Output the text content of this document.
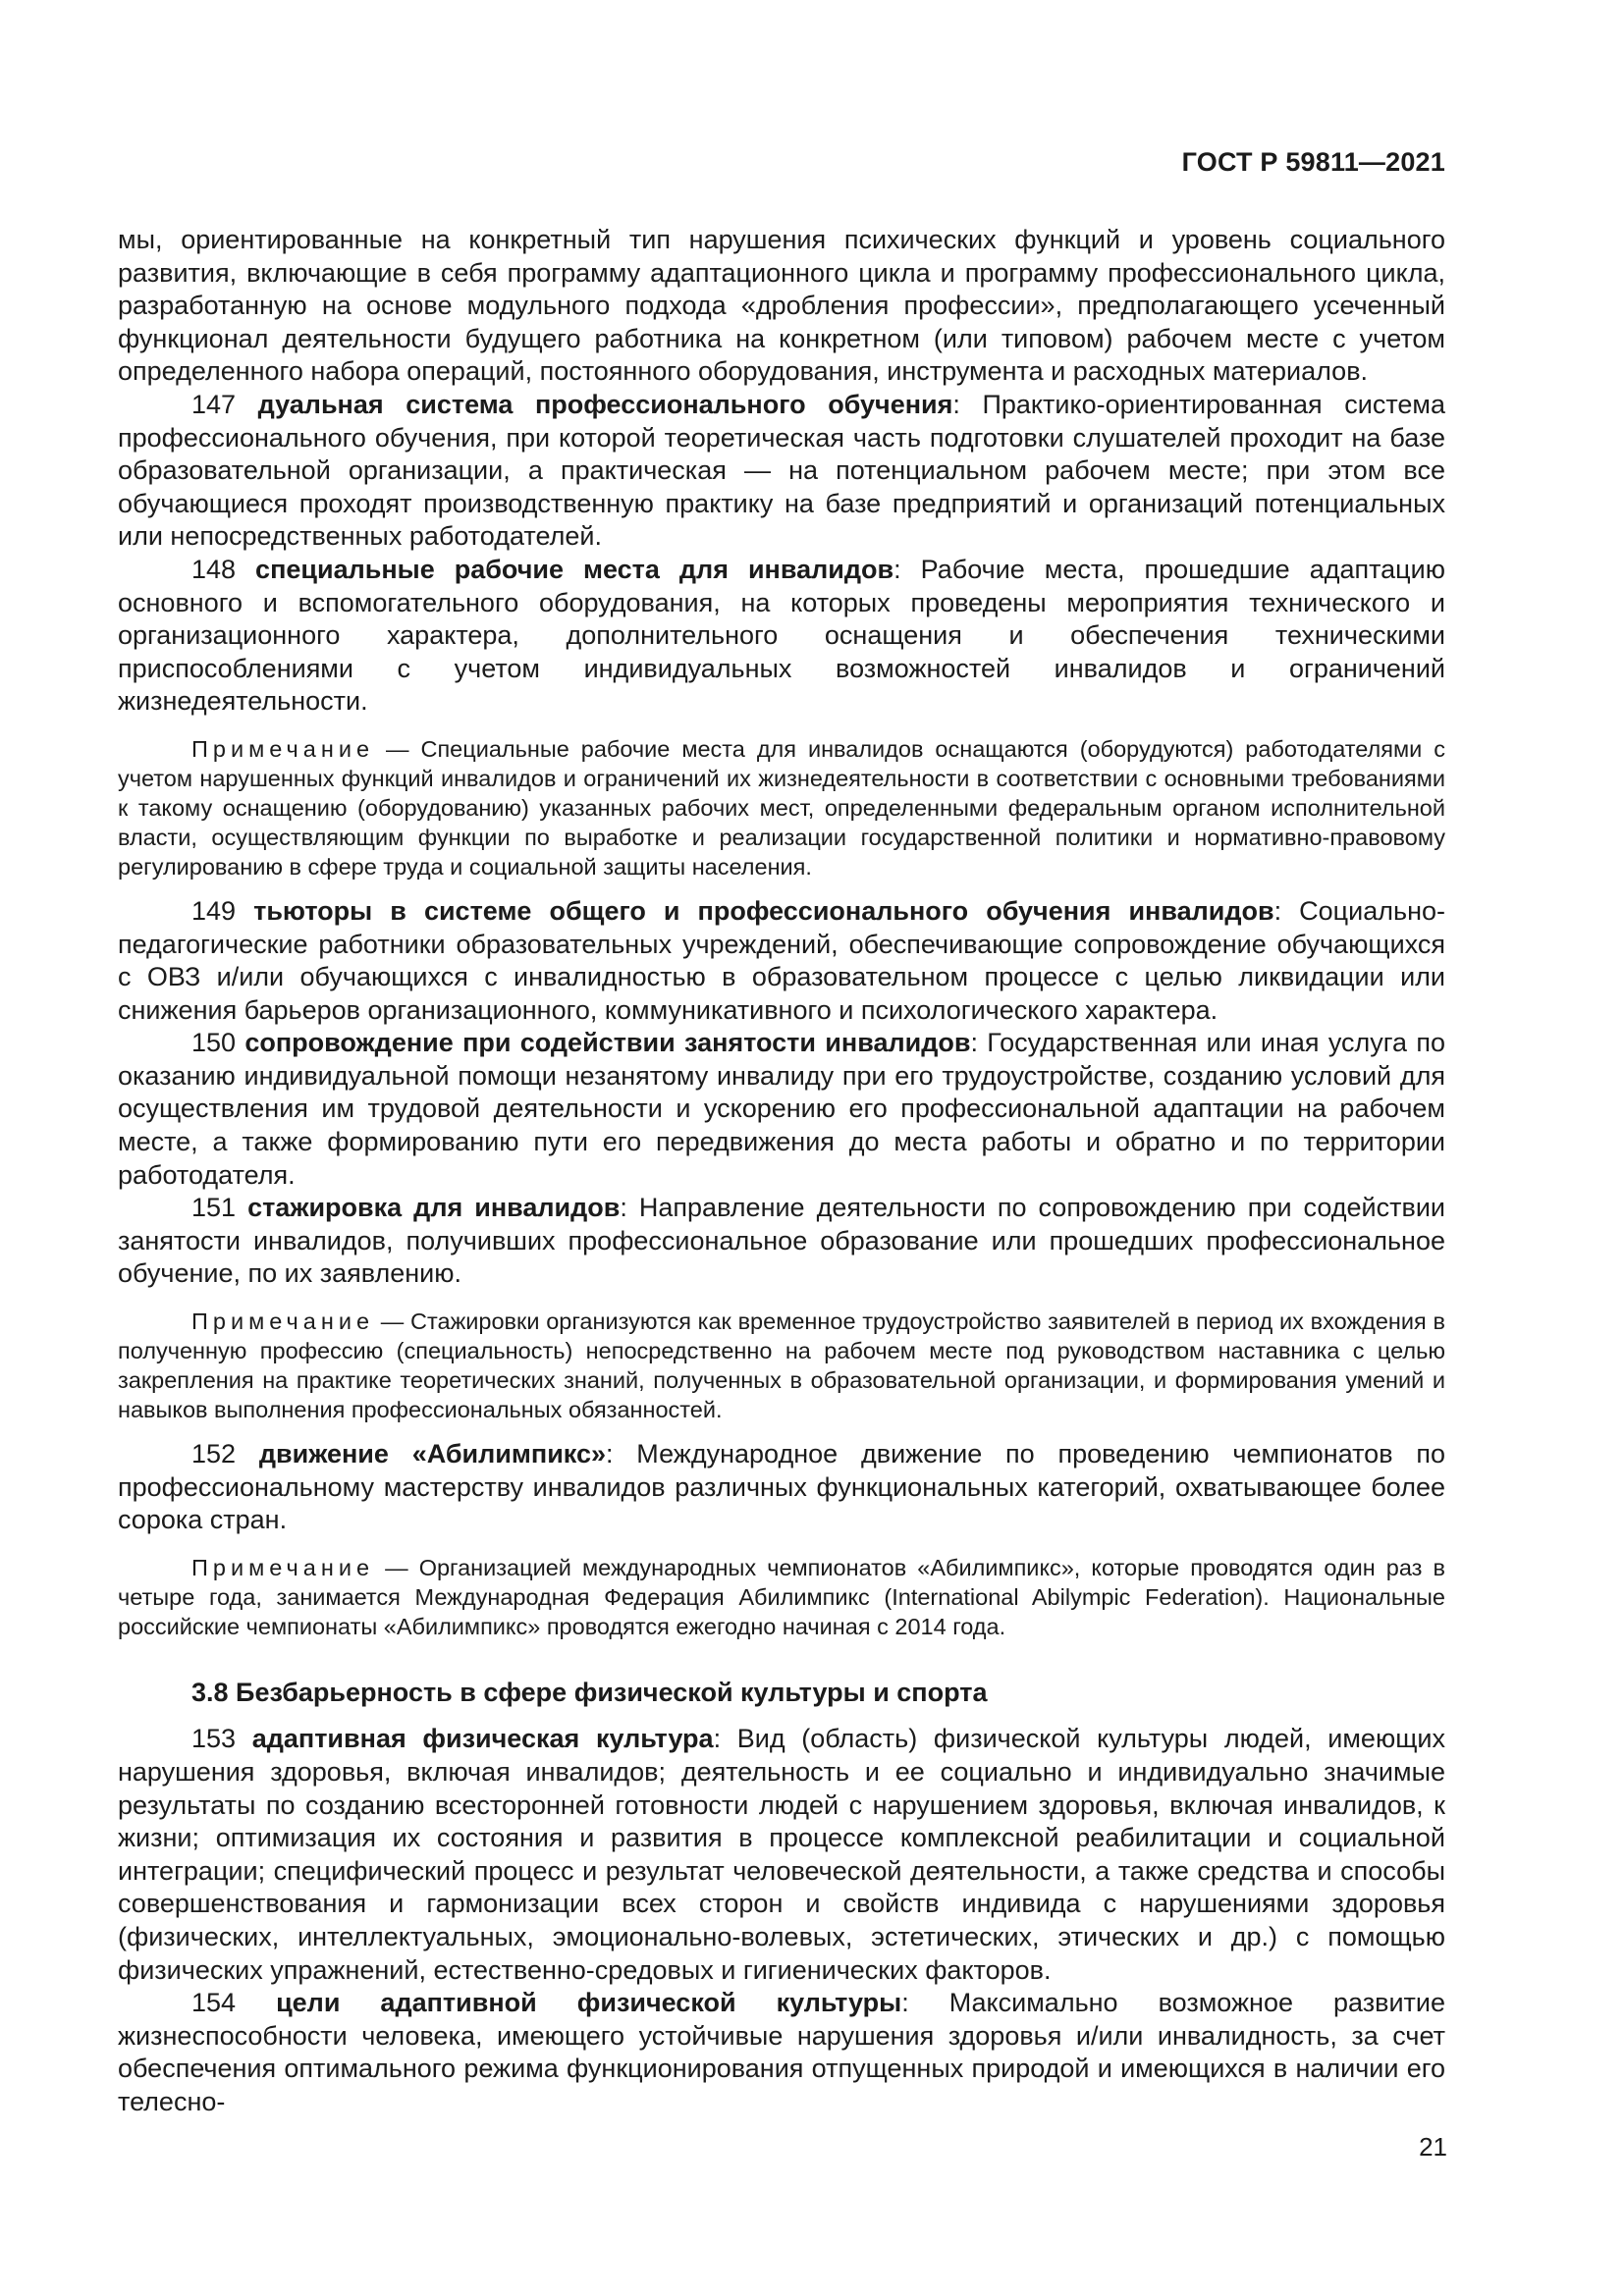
ГОСТ Р 59811—2021

мы, ориентированные на конкретный тип нарушения психических функций и уровень социального развития, включающие в себя программу адаптационного цикла и программу профессионального цикла, разработанную на основе модульного подхода «дробления профессии», предполагающего усеченный функционал деятельности будущего работника на конкретном (или типовом) рабочем месте с учетом определенного набора операций, постоянного оборудования, инструмента и расходных материалов.

147 дуальная система профессионального обучения: Практико-ориентированная система профессионального обучения, при которой теоретическая часть подготовки слушателей проходит на базе образовательной организации, а практическая — на потенциальном рабочем месте; при этом все обучающиеся проходят производственную практику на базе предприятий и организаций потенциальных или непосредственных работодателей.

148 специальные рабочие места для инвалидов: Рабочие места, прошедшие адаптацию основного и вспомогательного оборудования, на которых проведены мероприятия технического и организационного характера, дополнительного оснащения и обеспечения техническими приспособлениями с учетом индивидуальных возможностей инвалидов и ограничений жизнедеятельности.

Примечание — Специальные рабочие места для инвалидов оснащаются (оборудуются) работодателями с учетом нарушенных функций инвалидов и ограничений их жизнедеятельности в соответствии с основными требованиями к такому оснащению (оборудованию) указанных рабочих мест, определенными федеральным органом исполнительной власти, осуществляющим функции по выработке и реализации государственной политики и нормативно-правовому регулированию в сфере труда и социальной защиты населения.

149 тьюторы в системе общего и профессионального обучения инвалидов: Социально-педагогические работники образовательных учреждений, обеспечивающие сопровождение обучающихся с ОВЗ и/или обучающихся с инвалидностью в образовательном процессе с целью ликвидации или снижения барьеров организационного, коммуникативного и психологического характера.

150 сопровождение при содействии занятости инвалидов: Государственная или иная услуга по оказанию индивидуальной помощи незанятому инвалиду при его трудоустройстве, созданию условий для осуществления им трудовой деятельности и ускорению его профессиональной адаптации на рабочем месте, а также формированию пути его передвижения до места работы и обратно и по территории работодателя.

151 стажировка для инвалидов: Направление деятельности по сопровождению при содействии занятости инвалидов, получивших профессиональное образование или прошедших профессиональное обучение, по их заявлению.

Примечание — Стажировки организуются как временное трудоустройство заявителей в период их вхождения в полученную профессию (специальность) непосредственно на рабочем месте под руководством наставника с целью закрепления на практике теоретических знаний, полученных в образовательной организации, и формирования умений и навыков выполнения профессиональных обязанностей.

152 движение «Абилимпикс»: Международное движение по проведению чемпионатов по профессиональному мастерству инвалидов различных функциональных категорий, охватывающее более сорока стран.

Примечание — Организацией международных чемпионатов «Абилимпикс», которые проводятся один раз в четыре года, занимается Международная Федерация Абилимпикс (International Abilympic Federation). Национальные российские чемпионаты «Абилимпикс» проводятся ежегодно начиная с 2014 года.

3.8 Безбарьерность в сфере физической культуры и спорта

153 адаптивная физическая культура: Вид (область) физической культуры людей, имеющих нарушения здоровья, включая инвалидов; деятельность и ее социально и индивидуально значимые результаты по созданию всесторонней готовности людей с нарушением здоровья, включая инвалидов, к жизни; оптимизация их состояния и развития в процессе комплексной реабилитации и социальной интеграции; специфический процесс и результат человеческой деятельности, а также средства и способы совершенствования и гармонизации всех сторон и свойств индивида с нарушениями здоровья (физических, интеллектуальных, эмоционально-волевых, эстетических, этических и др.) с помощью физических упражнений, естественно-средовых и гигиенических факторов.

154 цели адаптивной физической культуры: Максимально возможное развитие жизнеспособности человека, имеющего устойчивые нарушения здоровья и/или инвалидность, за счет обеспечения оптимального режима функционирования отпущенных природой и имеющихся в наличии его телесно-

21
